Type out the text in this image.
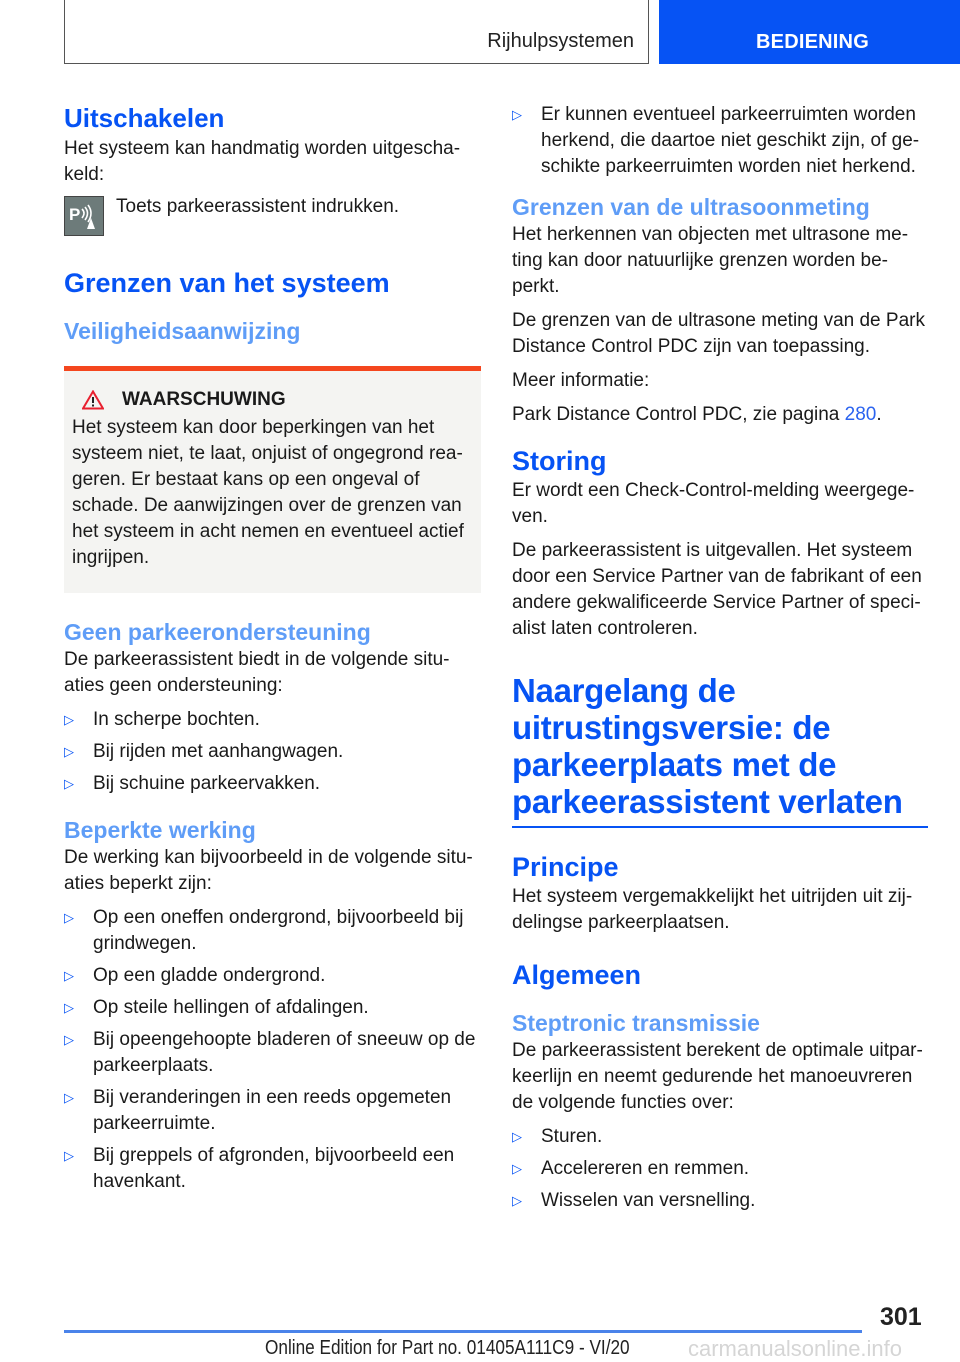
Rijhulpsystemen	BEDIENING
Uitschakelen

Het systeem kan handmatig worden uitgescha-keld:

P Toets parkeerassistent indrukken.

Grenzen van het systeem
Veiligheidsaanwijzing
WAARSCHUWING

Het systeem kan door beperkingen van het systeem niet, te laat, onjuist of ongegrond rea-geren. Er bestaat kans op een ongeval of schade. De aanwijzingen over de grenzen van het systeem in acht nemen en eventueel actief ingrijpen.

Geen parkeerondersteuning

De parkeerassistent biedt in de volgende situ-aties geen ondersteuning:

▷ In scherpe bochten.
▷ Bij rijden met aanhangwagen.
▷ Bij schuine parkeervakken.
Beperkte werking

De werking kan bijvoorbeeld in de volgende situ-aties beperkt zijn:

▷ Op een oneffen ondergrond, bijvoorbeeld bij grindwegen.
▷ Op een gladde ondergrond.
▷ Op steile hellingen of afdalingen.
▷ Bij opeengehoopte bladeren of sneeuw op de parkeerplaats.
▷ Bij veranderingen in een reeds opgemeten parkeerruimte.
▷ Bij greppels of afgronden, bijvoorbeeld een havenkant.
▷ Er kunnen eventueel parkeerruimten worden herkend, die daartoe niet geschikt zijn, of ge-schikte parkeerruimten worden niet herkend.
Grenzen van de ultrasoonmeting

Het herkennen van objecten met ultrasone me-ting kan door natuurlijke grenzen worden be-perkt.

De grenzen van de ultrasone meting van de Park Distance Control PDC zijn van toepassing.

Meer informatie:

Park Distance Control PDC, zie pagina 280.

Storing

Er wordt een Check-Control-melding weergege-ven.

De parkeerassistent is uitgevallen. Het systeem door een Service Partner van de fabrikant of een andere gekwalificeerde Service Partner of speci-alist laten controleren.

Naargelang de uitrustingsversie: de parkeerplaats met de parkeerassistent verlaten
Principe

Het systeem vergemakkelijkt het uitrijden uit zij-delingse parkeerplaatsen.

Algemeen
Steptronic transmissie

De parkeerassistent berekent de optimale uitpar-keerlijn en neemt gedurende het manoeuvreren de volgende functies over:

▷ Sturen.
▷ Accelereren en remmen.
▷ Wisselen van versnelling.
301
Online Edition for Part no. 01405A111C9 - VI/20	carmanualsonline.info
